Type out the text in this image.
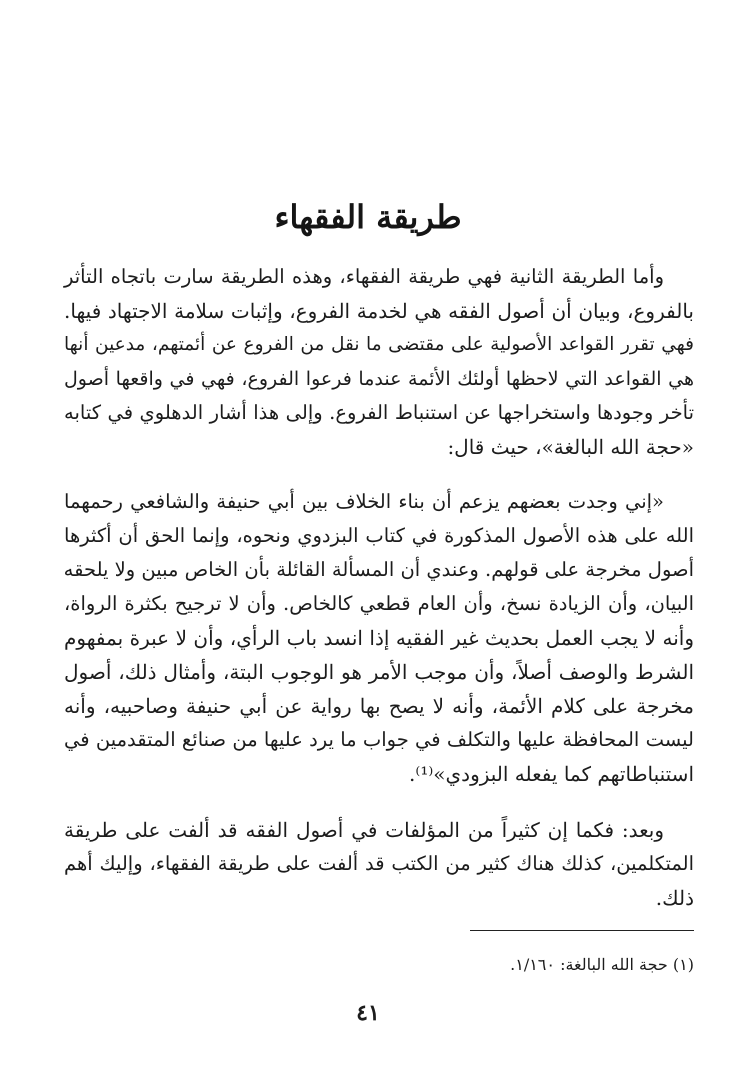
طريقة الفقهاء
وأما الطريقة الثانية فهي طريقة الفقهاء، وهذه الطريقة سارت باتجاه التأثر
بالفروع، وبيان أن أصول الفقه هي لخدمة الفروع، وإثبات سلامة الاجتهاد فيها.
فهي تقرر القواعد الأصولية على مقتضى ما نقل من الفروع عن أئمتهم، مدعين أنها
هي القواعد التي لاحظها أولئك الأئمة عندما فرعوا الفروع، فهي في واقعها أصول
تأخر وجودها واستخراجها عن استنباط الفروع. وإلى هذا أشار الدهلوي في كتابه
«حجة الله البالغة»، حيث قال:
«إني وجدت بعضهم يزعم أن بناء الخلاف بين أبي حنيفة والشافعي رحمهما
الله على هذه الأصول المذكورة في كتاب البزدوي ونحوه، وإنما الحق أن أكثرها
أصول مخرجة على قولهم. وعندي أن المسألة القائلة بأن الخاص مبين ولا يلحقه
البيان، وأن الزيادة نسخ، وأن العام قطعي كالخاص. وأن لا ترجيح بكثرة الرواة،
وأنه لا يجب العمل بحديث غير الفقيه إذا انسد باب الرأي، وأن لا عبرة بمفهوم
الشرط والوصف أصلاً، وأن موجب الأمر هو الوجوب البتة، وأمثال ذلك، أصول
مخرجة على كلام الأئمة، وأنه لا يصح بها رواية عن أبي حنيفة وصاحبيه، وأنه
ليست المحافظة عليها والتكلف في جواب ما يرد عليها من صنائع المتقدمين في
استنباطاتهم كما يفعله البزودي»⁽¹⁾.
وبعد: فكما إن كثيراً من المؤلفات في أصول الفقه قد ألفت على طريقة
المتكلمين، كذلك هناك كثير من الكتب قد ألفت على طريقة الفقهاء، وإليك أهم
ذلك.
(١) حجة الله البالغة: ١/١٦٠.
٤١
